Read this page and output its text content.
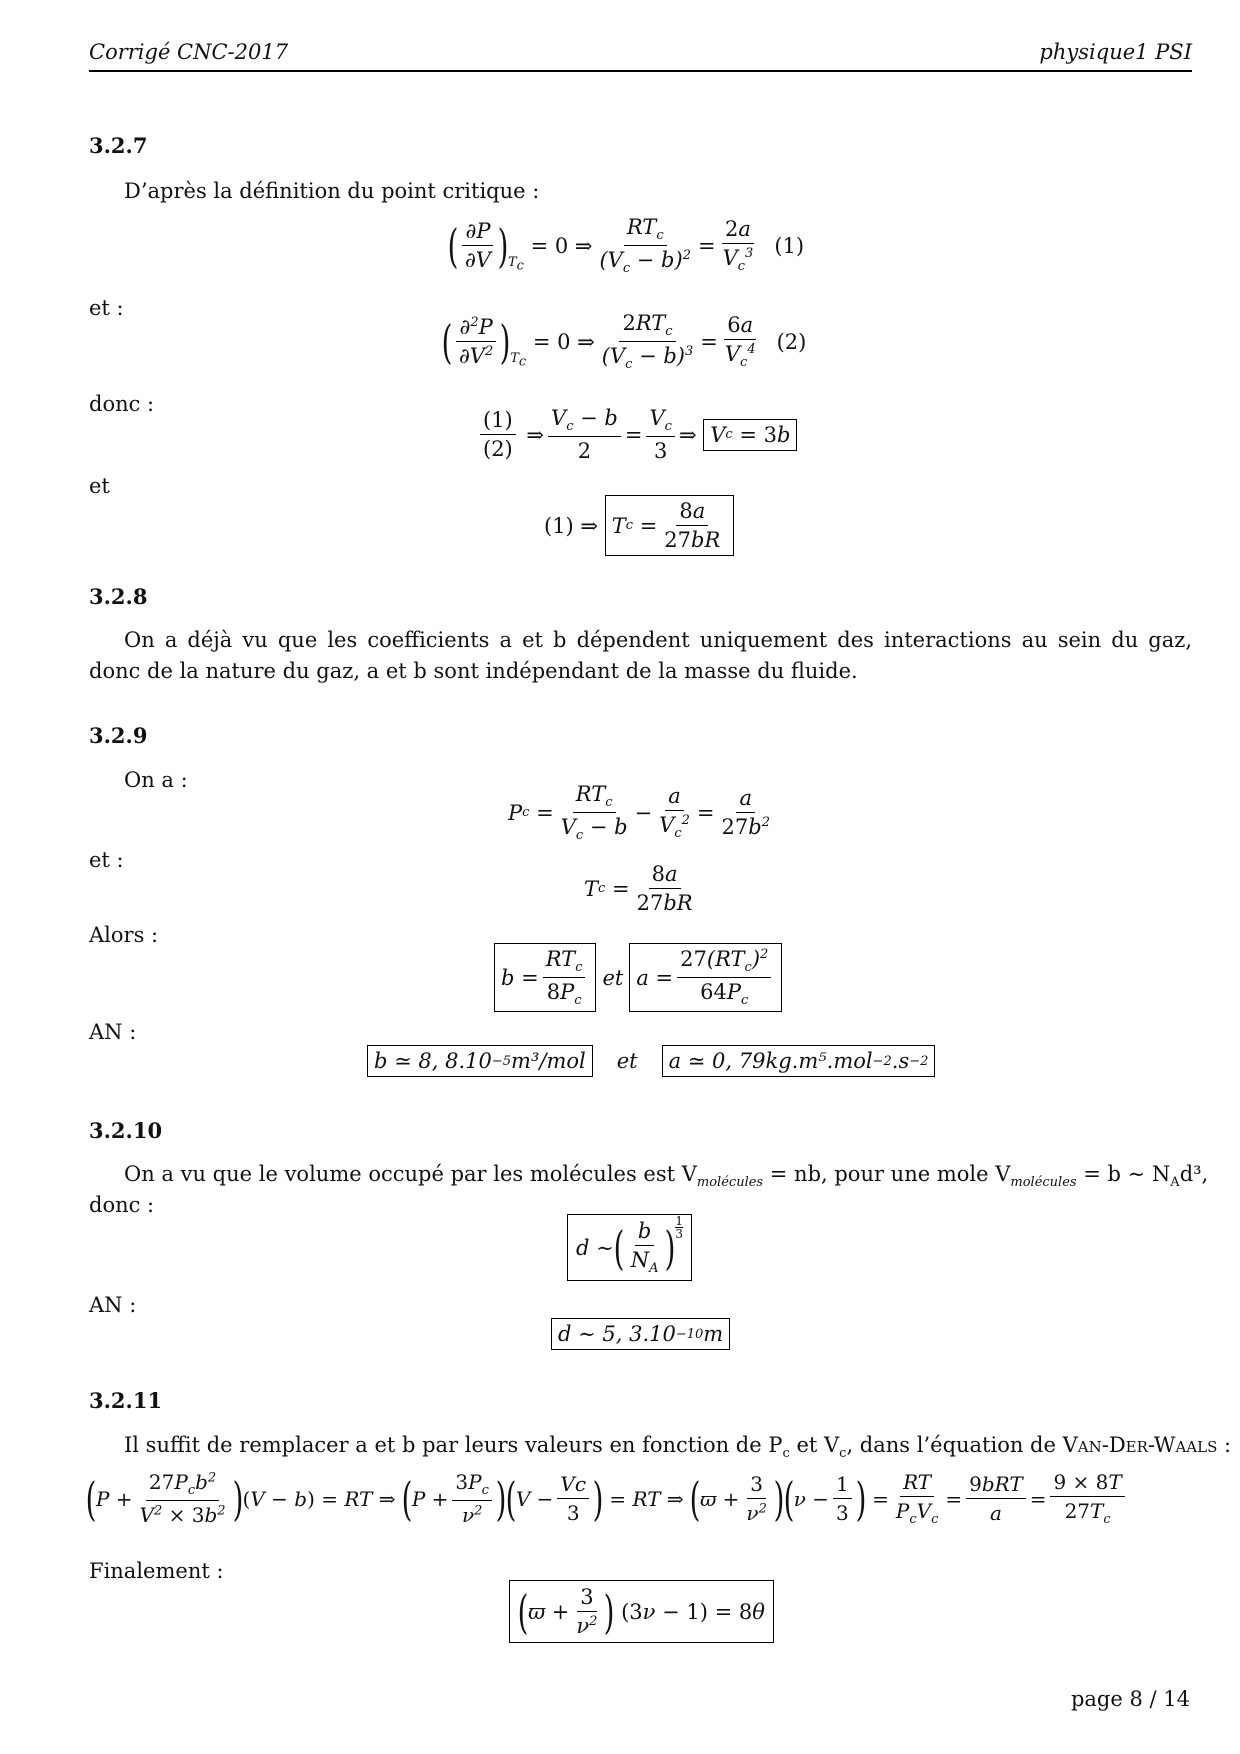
Corrigé CNC-2017	physique1 PSI
3.2.7
D’après la définition du point critique :
( $\frac{\partial P}{\partial V} )_{T_c}$
= 0 ⇒ $\frac{RT_c}{(V_c - b)^2} = \frac{2a}{V_c^3} (1)$
et :
( $\frac{\partial^2P}{\partial V^2} )_{T_c}$
= 0 ⇒ $\frac{2RT_c}{(V_c - b)^3} = \frac{6a}{V_c^4} (2)$
donc :
$\frac{(1)}{(2)}$ ⇒ $\frac{V_c - b}{2} = \frac{V_c}{3}$ ⇒ V c
= 3 b
et
(1) ⇒ T c
= $\frac{8a}{27bR}$
3.2.8
On a déjà vu que les coefficients a et b dépendent uniquement des interactions au sein du gaz, donc de la nature du gaz, a et b sont indépendant de la masse du fluide.
3.2.9
On a :
P c
= $\frac{RT_c}{V_c - b} - \frac{a}{V_c^2} = \frac{a}{27b^2}$
et :
T c
= $\frac{8a}{27bR}$
Alors :
$b = \frac{RT_c}{8P_c}$ et $a = \frac{27(RT_c)^2}{64P_c}$
AN :
b ≃ 8, 8.10 −5 m³/mol et a ≃ 0, 79kg.m⁵.mol −2 .s −2
3.2.10
On a vu que le volume occupé par les molécules est $V_{molécules}$ = nb, pour une mole $V_{molécules} = b$ ∼ $N_Ad^3$,
donc :
d ∼ ( $\frac{b}{N_A}$ ) $^{1 3}$
AN :
d ∼ 5, 3.10 −10 m
3.2.11
Il suffit de remplacer a et b par leurs valeurs en fonction de $P_c$ et $V_c$, dans l’équation de Van-Der-Waals :
( $P + \frac{27P_cb^2}{V^2 \times 3b^2}$ ) ( V − b ) = RT ⇒ ( $P + \frac{3P_c}{\nu^2}$ ) ( $V - \frac{Vc}{3}$ ) = RT ⇒ ( $ϖ + \frac{3}{\nu^2}$ ) ( $\nu - \frac{1}{3}$ ) = $\frac{RT}{P_cV_c} = \frac{\text{9bRT}}{a} = \frac{9 \times 8T}{27T_c}$
Finalement :
( $ϖ + \frac{3}{\nu^2}$ ) (3 ν − 1) = 8 θ
page 8 / 14
